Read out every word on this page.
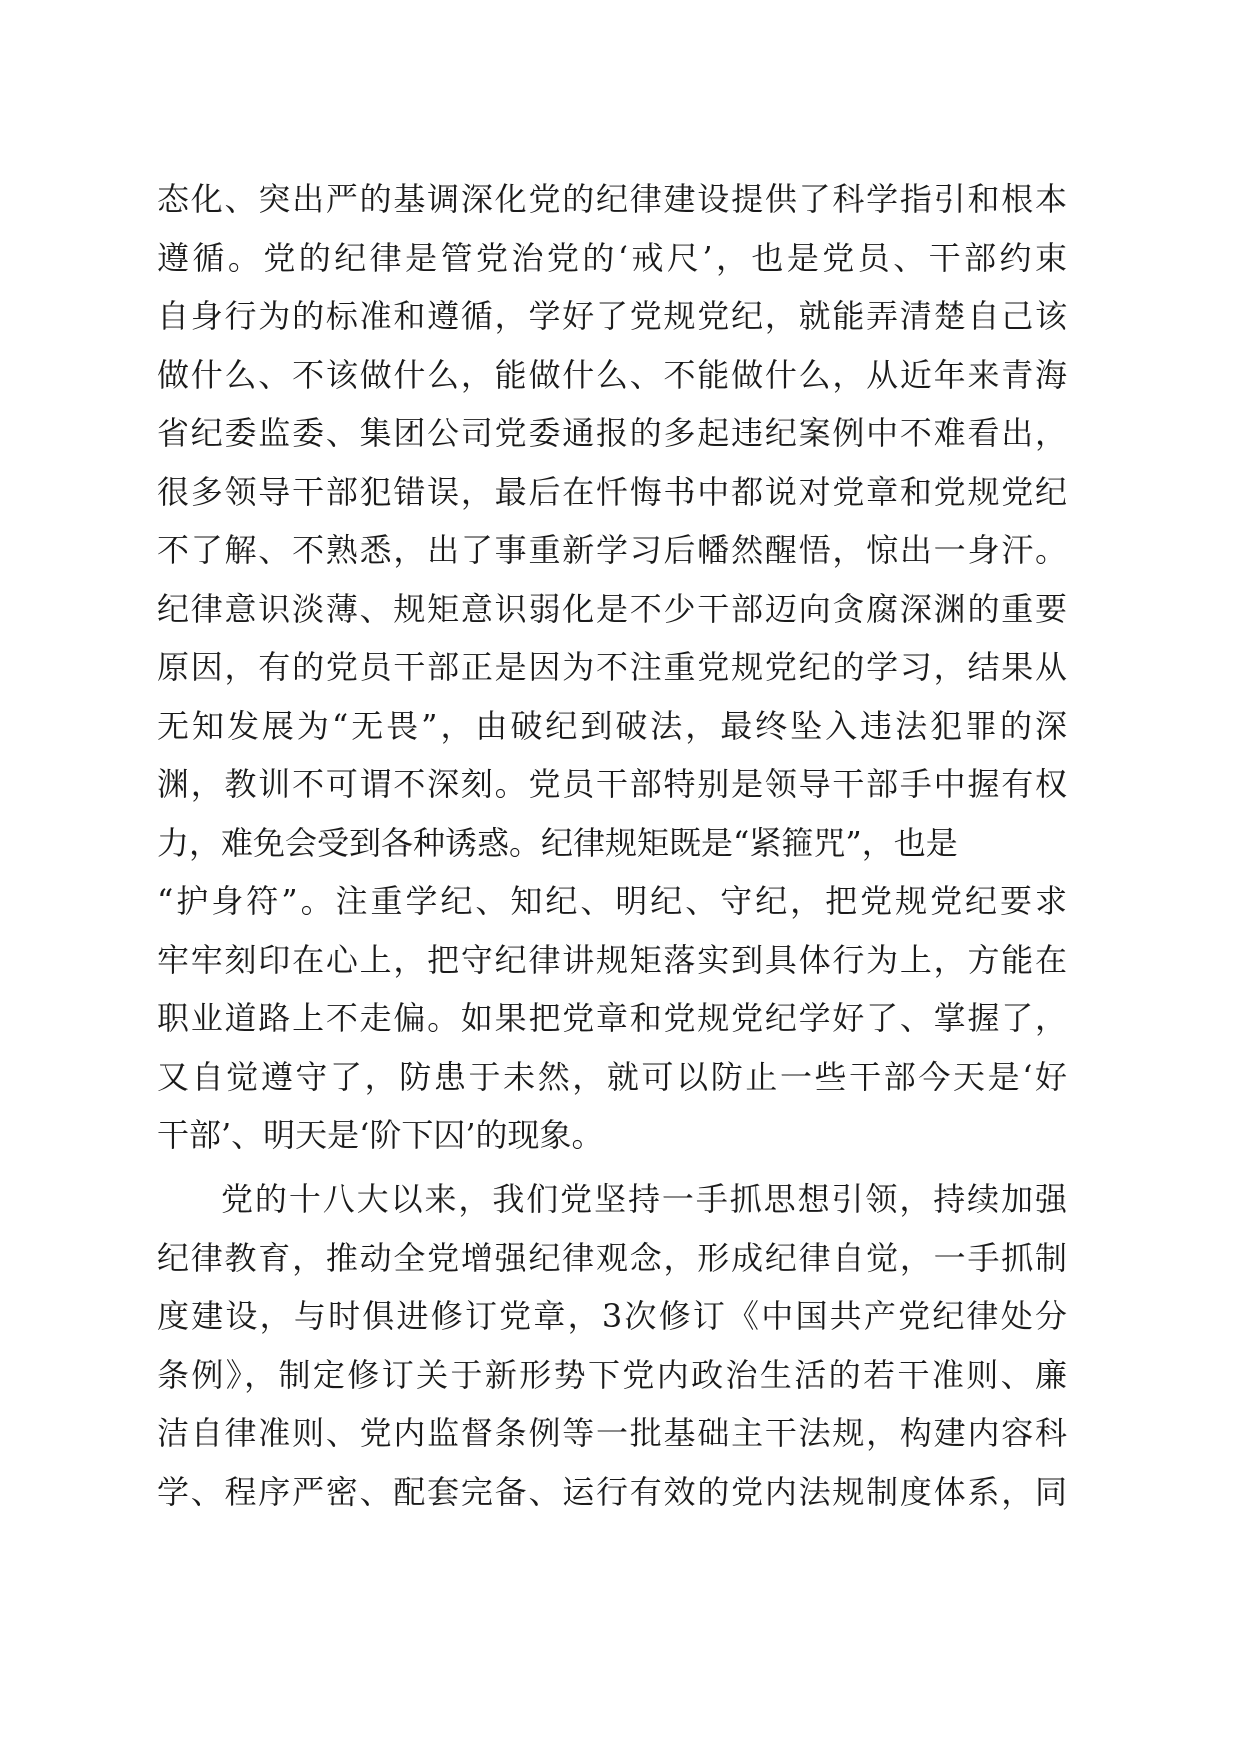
态化、突出严的基调深化党的纪律建设提供了科学指引和根本
遵循。党的纪律是管党治党的‘戒尺’，也是党员、干部约束
自身行为的标准和遵循，学好了党规党纪，就能弄清楚自己该
做什么、不该做什么，能做什么、不能做什么，从近年来青海
省纪委监委、集团公司党委通报的多起违纪案例中不难看出，
很多领导干部犯错误，最后在忏悔书中都说对党章和党规党纪
不了解、不熟悉，出了事重新学习后幡然醒悟，惊出一身汗。
纪律意识淡薄、规矩意识弱化是不少干部迈向贪腐深渊的重要
原因，有的党员干部正是因为不注重党规党纪的学习，结果从
无知发展为“无畏”，由破纪到破法，最终坠入违法犯罪的深
渊，教训不可谓不深刻。党员干部特别是领导干部手中握有权
力，难免会受到各种诱惑。纪律规矩既是“紧箍咒”，也是
“护身符”。注重学纪、知纪、明纪、守纪，把党规党纪要求
牢牢刻印在心上，把守纪律讲规矩落实到具体行为上，方能在
职业道路上不走偏。如果把党章和党规党纪学好了、掌握了，
又自觉遵守了，防患于未然，就可以防止一些干部今天是‘好
干部’、明天是‘阶下囚’的现象。
党的十八大以来，我们党坚持一手抓思想引领，持续加强
纪律教育，推动全党增强纪律观念，形成纪律自觉，一手抓制
度建设，与时俱进修订党章，3次修订《中国共产党纪律处分
条例》，制定修订关于新形势下党内政治生活的若干准则、廉
洁自律准则、党内监督条例等一批基础主干法规，构建内容科
学、程序严密、配套完备、运行有效的党内法规制度体系，同
